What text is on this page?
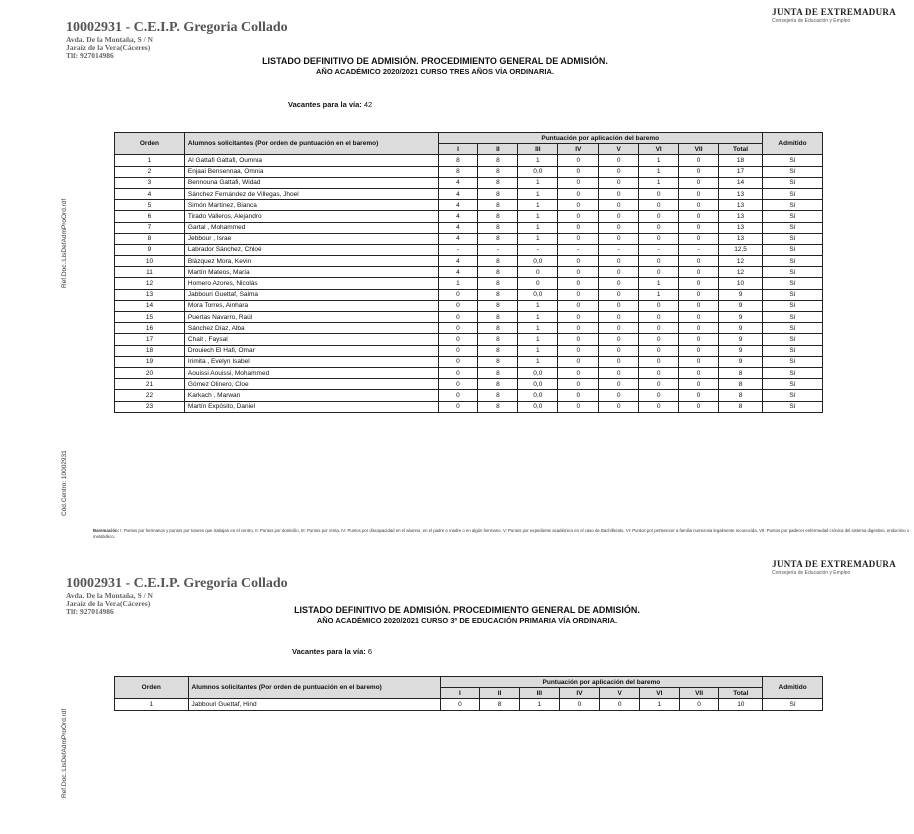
10002931 - C.E.I.P. Gregoria Collado
Avda. De la Montaña, S / N
Jaraíz de la Vera(Cáceres)
Tlf: 927014986
JUNTA DE EXTREMADURA
Consejería de Educación y Empleo
LISTADO DEFINITIVO DE ADMISIÓN. PROCEDIMIENTO GENERAL DE ADMISIÓN.
AÑO ACADÉMICO 2020/2021 CURSO TRES AÑOS VÍA ORDINARIA.
Vacantes para la vía: 42
Ref.Doc.:LisDefAdmProOrd.rdf
Cód.Centro: 10002931
Orden	Alumnos solicitantes (Por orden de puntuación en el baremo)	Puntuación por aplicación del baremo								Admitido
		I	II	III	IV	V	VI	VII	Total	
1	Al Gattafi Gattafi, Oumnia	8	8	1	0	0	1	0	18	Sí
2	Enjaai Bensennaa, Omnia	8	8	0,0	0	0	1	0	17	Sí
3	Bennouna Gattafi, Widad	4	8	1	0	0	1	0	14	Sí
4	Sánchez Fernández de Villegas, Jhoel	4	8	1	0	0	0	0	13	Sí
5	Simón Martínez, Bianca	4	8	1	0	0	0	0	13	Sí
6	Tirado Valleros, Alejandro	4	8	1	0	0	0	0	13	Sí
7	Gartal , Mohammed	4	8	1	0	0	0	0	13	Sí
8	Jebbour , Israe	4	8	1	0	0	0	0	13	Sí
9	Labrador Sánchez, Chloé	-	-	-	-	-	-	-	12,5	Sí
10	Blázquez Mora, Kevin	4	8	0,0	0	0	0	0	12	Sí
11	Martín Mateos, María	4	8	0	0	0	0	0	12	Sí
12	Homero Azores, Nicolás	1	8	0	0	0	1	0	10	Sí
13	Jabbouri Guettaf, Salma	0	8	0,0	0	0	1	0	9	Sí
14	Mora Torres, Ainhara	0	8	1	0	0	0	0	9	Sí
15	Puertas Navarro, Raúl	0	8	1	0	0	0	0	9	Sí
16	Sánchez Díaz, Alba	0	8	1	0	0	0	0	9	Sí
17	Chait , Faysal	0	8	1	0	0	0	0	9	Sí
18	Drouiech El Hafi, Omar	0	8	1	0	0	0	0	9	Sí
19	Irimita , Evelyn Isabel	0	8	1	0	0	0	0	9	Sí
20	Aouissi Aouissi, Mohammed	0	8	0,0	0	0	0	0	8	Sí
21	Gómez Olinero, Cloe	0	8	0,0	0	0	0	0	8	Sí
22	Karkach , Marwan	0	8	0,0	0	0	0	0	8	Sí
23	Martín Expósito, Daniel	0	8	0,0	0	0	0	0	8	Sí
Baremación: I: Puntos por hermanos y puntos por tutores que trabajan en el centro, II: Puntos por domicilio, III: Puntos por renta, IV: Puntos por discapacidad en el alumno, en el padre o madre o en algún hermano, V: Puntos por expediente académico en el caso de Bachillerato, VI: Puntos por pertenecer a familia numerosa legalmente reconocida, VII: Puntos por padecer enfermedad crónica del sistema digestivo, endocrino o metabólico.
10002931 - C.E.I.P. Gregoria Collado
Avda. De la Montaña, S / N
Jaraíz de la Vera(Cáceres)
Tlf: 927014986
JUNTA DE EXTREMADURA
Consejería de Educación y Empleo
LISTADO DEFINITIVO DE ADMISIÓN. PROCEDIMIENTO GENERAL DE ADMISIÓN.
AÑO ACADÉMICO 2020/2021 CURSO 3º DE EDUCACIÓN PRIMARIA VÍA ORDINARIA.
Vacantes para la vía: 6
Ref.Doc.:LisDefAdmProOrd.rdf
Orden	Alumnos solicitantes (Por orden de puntuación en el baremo)	Puntuación por aplicación del baremo								Admitido
		I	II	III	IV	V	VI	VII	Total	
1	Jabbouri Guettaf, Hind	0	8	1	0	0	1	0	10	Sí
